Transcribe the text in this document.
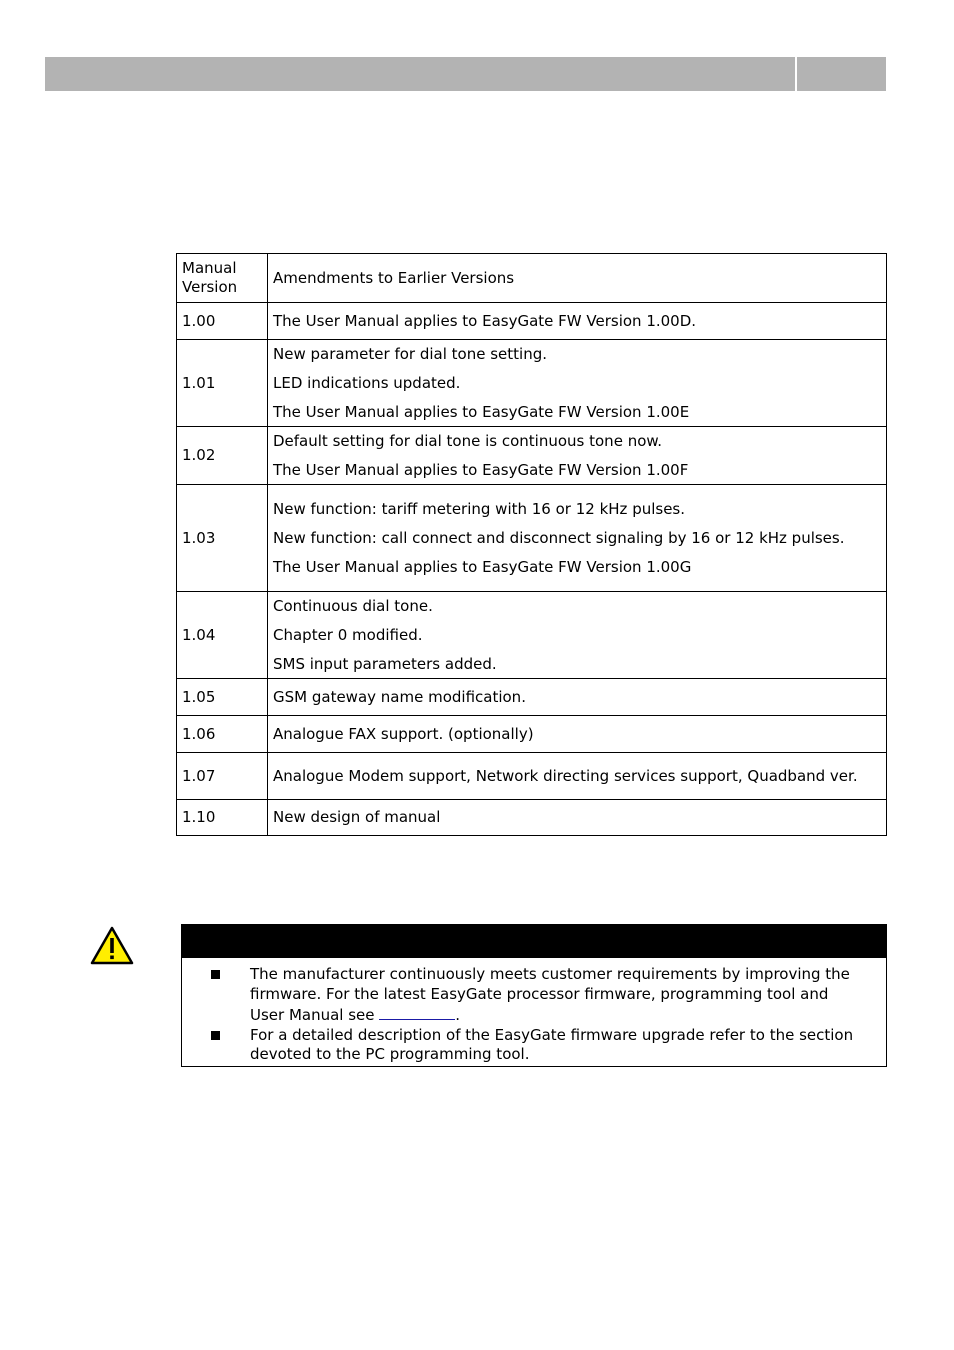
Manual
Version	Amendments to Earlier Versions
1.00	The User Manual applies to EasyGate FW Version 1.00D.

1.01	New parameter for dial tone setting.

LED indications updated.

The User Manual applies to EasyGate FW Version 1.00E

1.02	Default setting for dial tone is continuous tone now.

The User Manual applies to EasyGate FW Version 1.00F

1.03	New function: tariff metering with 16 or 12 kHz pulses.

New function: call connect and disconnect signaling by 16 or 12 kHz pulses.

The User Manual applies to EasyGate FW Version 1.00G

1.04	Continuous dial tone.

Chapter 0 modified.

SMS input parameters added.

1.05	GSM gateway name modification.

1.06	Analogue FAX support. (optionally)

1.07	Analogue Modem support, Network directing services support, Quadband ver.

1.10	New design of manual

The manufacturer continuously meets customer requirements by improving the firmware. For the latest EasyGate processor firmware, programming tool and User Manual see	.
For a detailed description of the EasyGate firmware upgrade refer to the section devoted to the PC programming tool.
